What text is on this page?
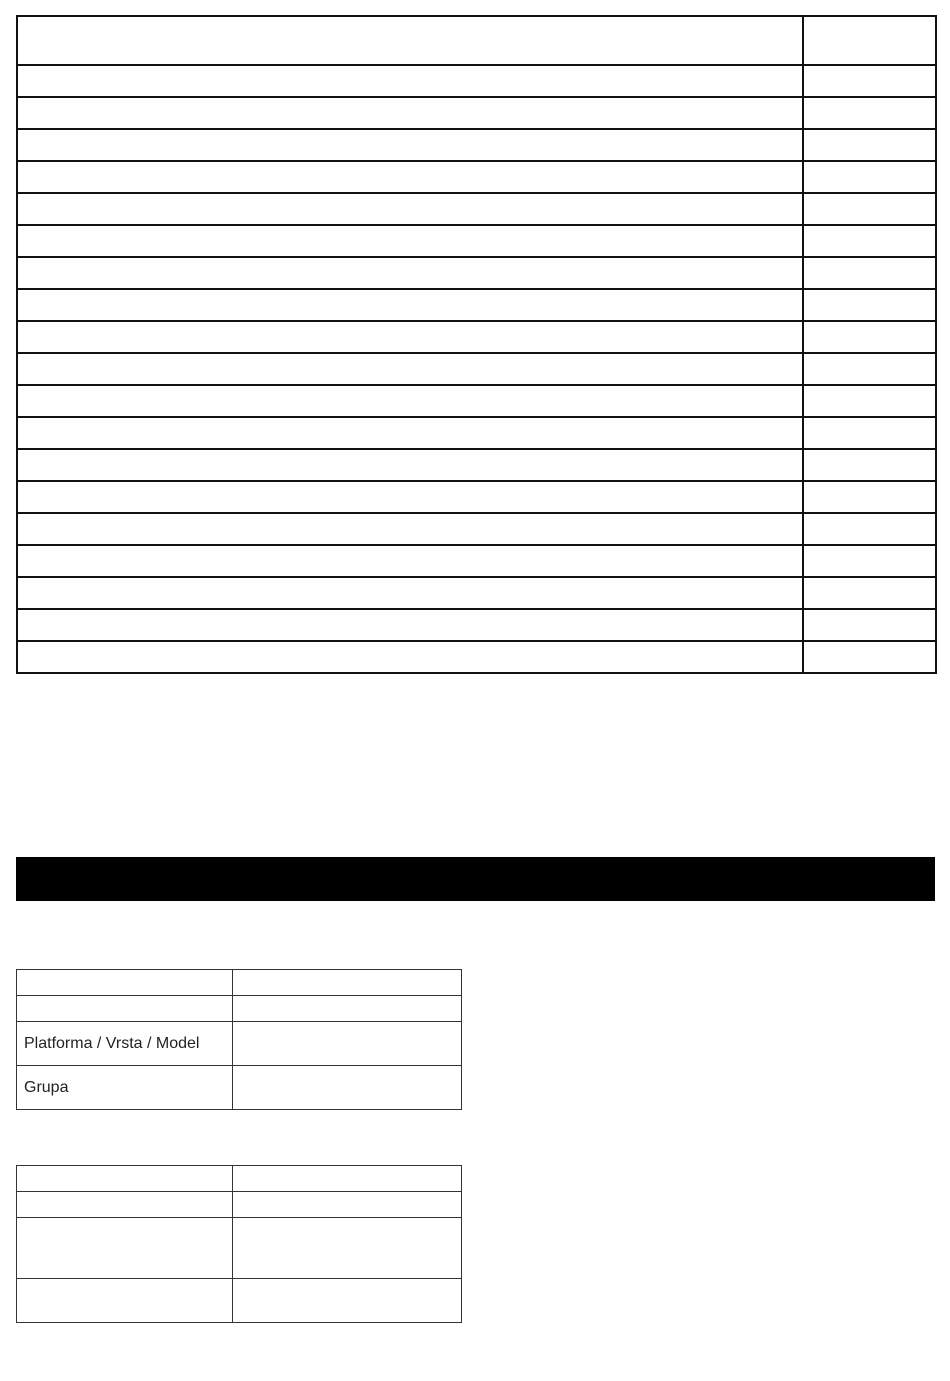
Platforma / Vrsta / Model	
Grupa	
